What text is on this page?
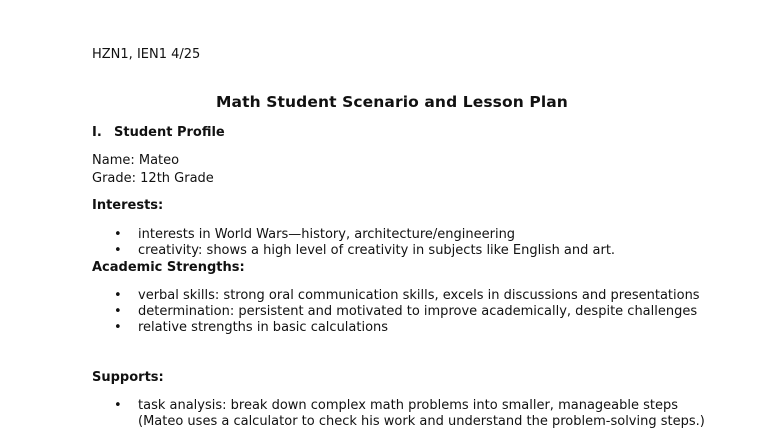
HZN1, IEN1 4/25
Math Student Scenario and Lesson Plan
I. Student Profile
Name: Mateo
Grade: 12th Grade
Interests:
• interests in World Wars—history, architecture/engineering
• creativity: shows a high level of creativity in subjects like English and art.
Academic Strengths:
• verbal skills: strong oral communication skills, excels in discussions and presentations
• determination: persistent and motivated to improve academically, despite challenges
• relative strengths in basic calculations
Supports:
• task analysis: break down complex math problems into smaller, manageable steps (Mateo uses a calculator to check his work and understand the problem-solving steps.)
